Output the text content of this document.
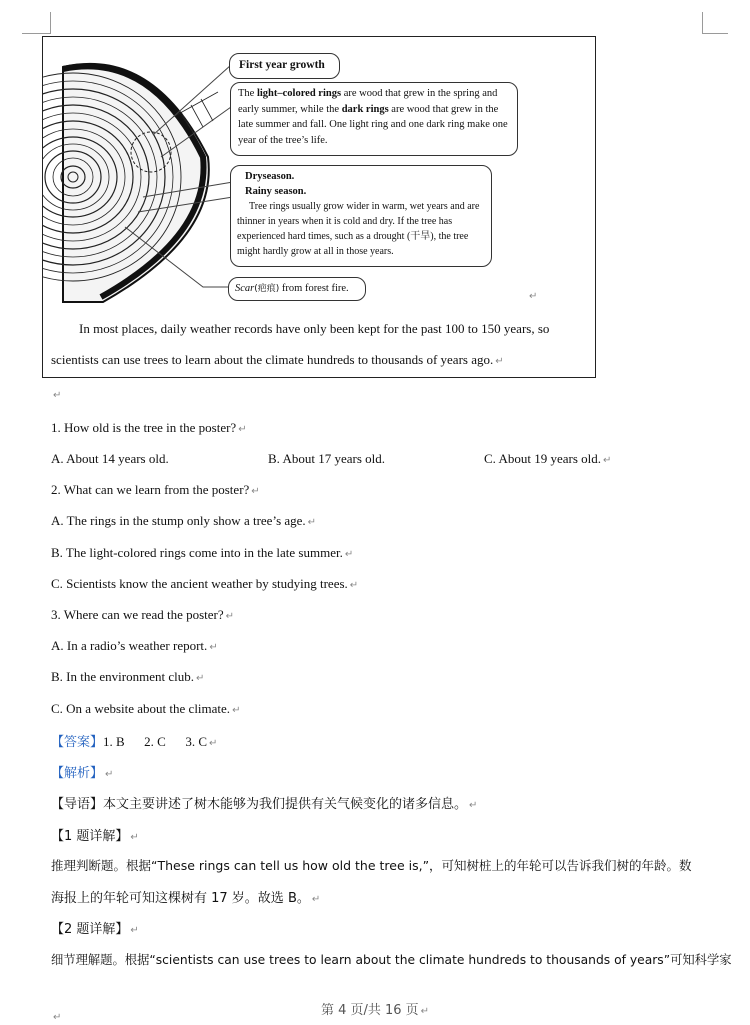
First year growth
The light–colored rings are wood that grew in the spring and early summer, while the dark rings are wood that grew in the late summer and fall. One light ring and one dark ring make one year of the tree’s life.
Dryseason.
Rainy season.
Tree rings usually grow wider in warm, wet years and are thinner in years when it is cold and dry. If the tree has experienced hard times, such as a drought (干旱), the tree might hardly grow at all in those years.
Scar(疤痕) from forest fire.
↵
In most places, daily weather records have only been kept for the past 100 to 150 years, so scientists can use trees to learn about the climate hundreds to thousands of years ago. ↵
↵
1. How old is the tree in the poster? ↵
A. About 14 years old.	B. About 17 years old.	C. About 19 years old. ↵
2. What can we learn from the poster? ↵
A. The rings in the stump only show a tree’s age. ↵
B. The light-colored rings come into in the late summer. ↵
C. Scientists know the ancient weather by studying trees. ↵
3. Where can we read the poster? ↵
A. In a radio’s weather report. ↵
B. In the environment club. ↵
C. On a website about the climate. ↵
【答案】1. B      2. C      3. C ↵
【解析】 ↵
【导语】本文主要讲述了树木能够为我们提供有关气候变化的诸多信息。 ↵
【1 题详解】 ↵
推理判断题。根据“These rings can tell us how old the tree is,”，可知树桩上的年轮可以告诉我们树的年龄。数
海报上的年轮可知这棵树有 17 岁。故选 B。 ↵
【2 题详解】 ↵
细节理解题。根据“scientists can use trees to learn about the climate hundreds to thousands of years”可知科学家
第 4 页/共 16 页 ↵
↵
